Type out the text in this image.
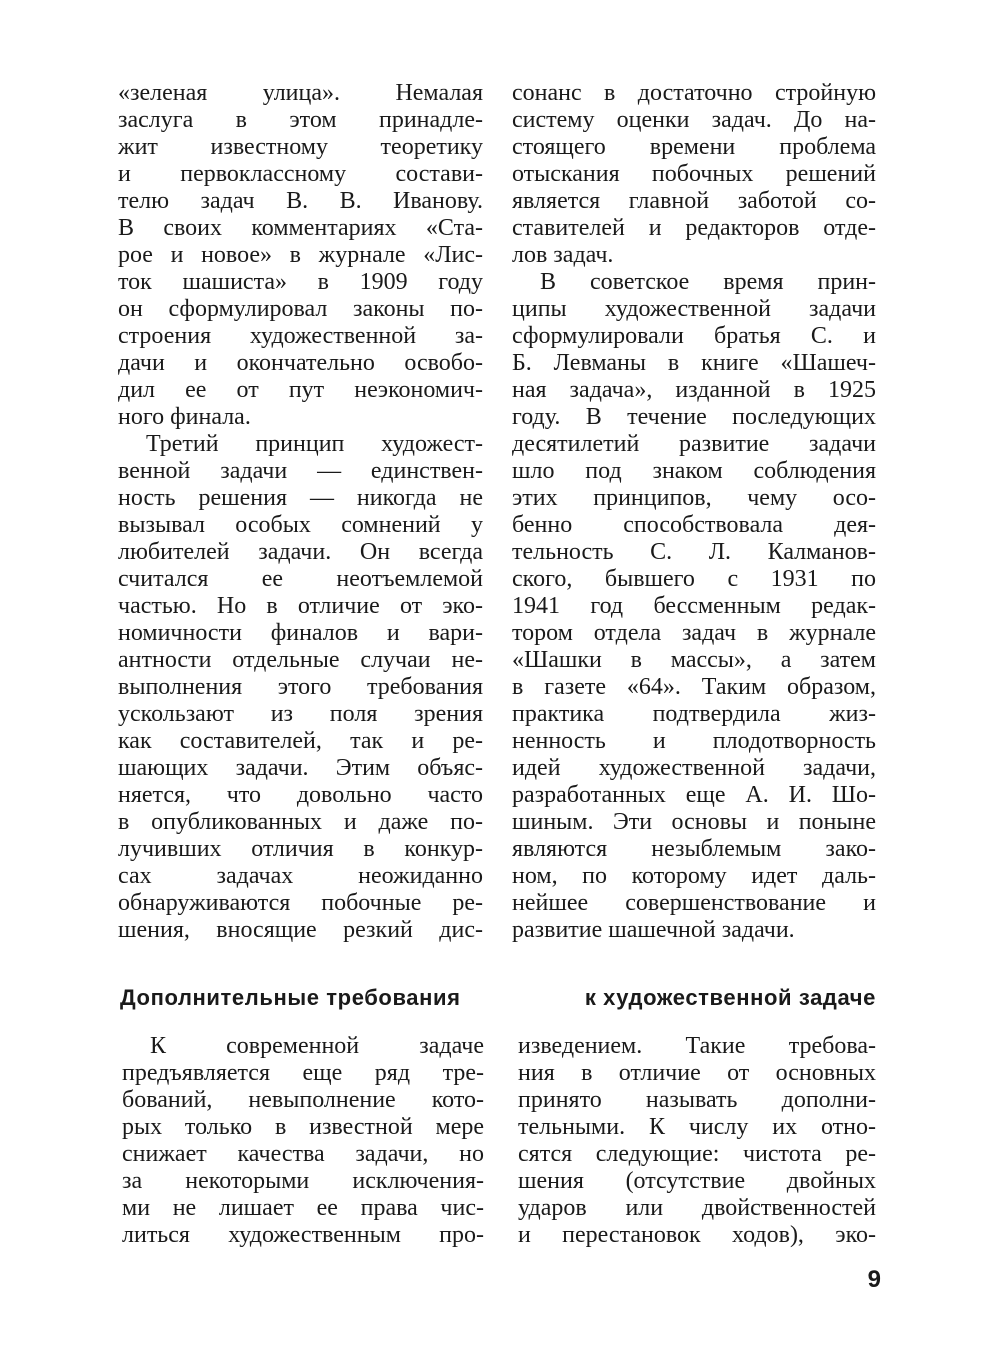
«зеленая улица». Немалая
заслуга в этом принадле-
жит известному теоретику
и первоклассному состави-
телю задач В. В. Иванову.
В своих комментариях «Ста-
рое и новое» в журнале «Лис-
ток шашиста» в 1909 году
он сформулировал законы по-
строения художественной за-
дачи и окончательно освобо-
дил ее от пут неэкономич-
ного финала.
Третий принцип художест-
венной задачи — единствен-
ность решения — никогда не
вызывал особых сомнений у
любителей задачи. Он всегда
считался ее неотъемлемой
частью. Но в отличие от эко-
номичности финалов и вари-
антности отдельные случаи не-
выполнения этого требования
ускользают из поля зрения
как составителей, так и ре-
шающих задачи. Этим объяс-
няется, что довольно часто
в опубликованных и даже по-
лучивших отличия в конкур-
сах задачах неожиданно
обнаруживаются побочные ре-
шения, вносящие резкий дис-
сонанс в достаточно стройную
систему оценки задач. До на-
стоящего времени проблема
отыскания побочных решений
является главной заботой со-
ставителей и редакторов отде-
лов задач.
В советское время прин-
ципы художественной задачи
сформулировали братья С. и
Б. Левманы в книге «Шашеч-
ная задача», изданной в 1925
году. В течение последующих
десятилетий развитие задачи
шло под знаком соблюдения
этих принципов, чему осо-
бенно способствовала дея-
тельность С. Л. Калманов-
ского, бывшего с 1931 по
1941 год бессменным редак-
тором отдела задач в журнале
«Шашки в массы», а затем
в газете «64». Таким образом,
практика подтвердила жиз-
ненность и плодотворность
идей художественной задачи,
разработанных еще А. И. Шо-
шиным. Эти основы и поныне
являются незыблемым зако-
ном, по которому идет даль-
нейшее совершенствование и
развитие шашечной задачи.
Дополнительные требования	к художественной задаче
К современной задаче
предъявляется еще ряд тре-
бований, невыполнение кото-
рых только в известной мере
снижает качества задачи, но
за некоторыми исключения-
ми не лишает ее права чис-
литься художественным про-
изведением. Такие требова-
ния в отличие от основных
принято называть дополни-
тельными. К числу их отно-
сятся следующие: чистота ре-
шения (отсутствие двойных
ударов или двойственностей
и перестановок ходов), эко-
9
